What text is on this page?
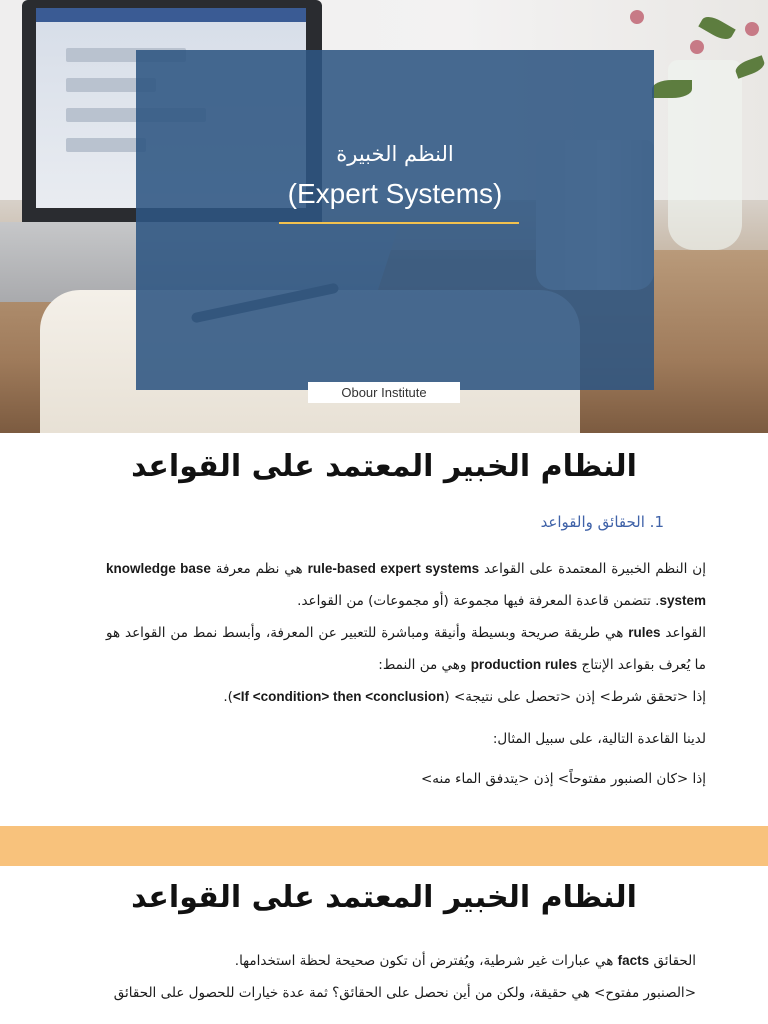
النظم الخبيرة
(Expert Systems)
Obour Institute
النظام الخبير المعتمد على القواعد
1. الحقائق والقواعد
إن النظم الخبيرة المعتمدة على القواعد rule-based expert systems هي نظم معرفة knowledge base system. تتضمن قاعدة المعرفة فيها مجموعة (أو مجموعات) من القواعد.
القواعد rules هي طريقة صريحة وبسيطة وأنيقة ومباشرة للتعبير عن المعرفة، وأبسط نمط من القواعد هو ما يُعرف بقواعد الإنتاج production rules وهي من النمط:
إذا <تحقق شرط> إذن <تحصل على نتيجة> (If <condition> then <conclusion>).
لدينا القاعدة التالية، على سبيل المثال:
إذا <كان الصنبور مفتوحاً> إذن <يتدفق الماء منه>
النظام الخبير المعتمد على القواعد
الحقائق facts هي عبارات غير شرطية، ويُفترض أن تكون صحيحة لحظة استخدامها.
<الصنبور مفتوح> هي حقيقة، ولكن من أين نحصل على الحقائق؟ ثمة عدة خيارات للحصول على الحقائق
